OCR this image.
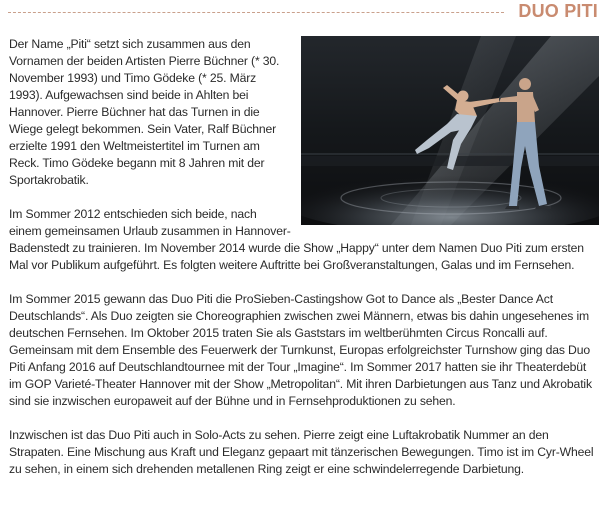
DUO PITI

Der Name „Piti“ setzt sich zusammen aus den Vornamen der beiden Artisten Pierre Büchner (* 30. November 1993) und Timo Gödeke (* 25. März 1993). Aufgewachsen sind beide in Ahlten bei Hannover. Pierre Büchner hat das Turnen in die Wiege gelegt bekommen. Sein Vater, Ralf Büchner erzielte 1991 den Weltmeistertitel im Turnen am Reck. Timo Gödeke begann mit 8 Jahren mit der Sportakrobatik.

Im Sommer 2012 entschieden sich beide, nach einem gemeinsamen Urlaub zusammen in Hannover-Badenstedt zu trainieren. Im November 2014 wurde die Show „Happy“ unter dem Namen Duo Piti zum ersten Mal vor Publikum aufgeführt. Es folgten weitere Auftritte bei Großveranstaltungen, Galas und im Fernsehen.

Im Sommer 2015 gewann das Duo Piti die ProSieben-Castingshow Got to Dance als „Bester Dance Act Deutschlands“. Als Duo zeigten sie Choreographien zwischen zwei Männern, etwas bis dahin ungesehenes im deutschen Fernsehen. Im Oktober 2015 traten Sie als Gaststars im weltberühmten Circus Roncalli auf. Gemeinsam mit dem Ensemble des Feuerwerk der Turnkunst, Europas erfolgreichster Turnshow ging das Duo Piti Anfang 2016 auf Deutschlandtournee mit der Tour „Imagine“. Im Sommer 2017 hatten sie ihr Theaterdebüt im GOP Varieté-Theater Hannover mit der Show „Metropolitan“. Mit ihren Darbietungen aus Tanz und Akrobatik sind sie inzwischen europaweit auf der Bühne und in Fernsehproduktionen zu sehen.

Inzwischen ist das Duo Piti auch in Solo-Acts zu sehen. Pierre zeigt eine Luftakrobatik Nummer an den Strapaten. Eine Mischung aus Kraft und Eleganz gepaart mit tänzerischen Bewegungen. Timo ist im Cyr-Wheel zu sehen, in einem sich drehenden metallenen Ring zeigt er eine schwindelerregende Darbietung.
